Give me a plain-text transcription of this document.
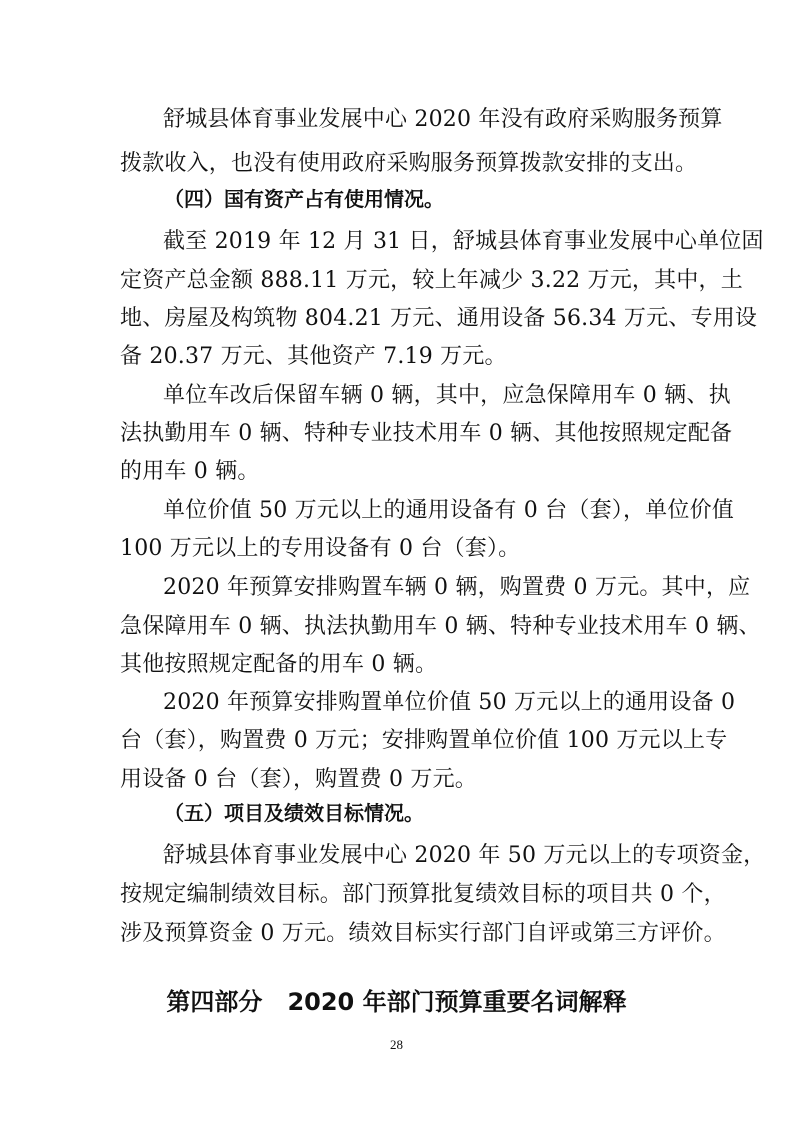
舒城县体育事业发展中心 2020 年没有政府采购服务预算
拨款收入，也没有使用政府采购服务预算拨款安排的支出。
（四）国有资产占有使用情况。
截至 2019 年 12 月 31 日，舒城县体育事业发展中心单位固
定资产总金额 888.11 万元，较上年减少 3.22 万元，其中，土
地、房屋及构筑物 804.21 万元、通用设备 56.34 万元、专用设
备 20.37 万元、其他资产 7.19 万元。
单位车改后保留车辆 0 辆，其中，应急保障用车 0 辆、执
法执勤用车 0 辆、特种专业技术用车 0 辆、其他按照规定配备
的用车 0 辆。
单位价值 50 万元以上的通用设备有 0 台（套），单位价值
100 万元以上的专用设备有 0 台（套）。
2020 年预算安排购置车辆 0 辆，购置费 0 万元。其中，应
急保障用车 0 辆、执法执勤用车 0 辆、特种专业技术用车 0 辆、
其他按照规定配备的用车 0 辆。
2020 年预算安排购置单位价值 50 万元以上的通用设备 0
台（套），购置费 0 万元；安排购置单位价值 100 万元以上专
用设备 0 台（套），购置费 0 万元。
（五）项目及绩效目标情况。
舒城县体育事业发展中心 2020 年 50 万元以上的专项资金，
按规定编制绩效目标。部门预算批复绩效目标的项目共 0 个，
涉及预算资金 0 万元。绩效目标实行部门自评或第三方评价。
第四部分   2020 年部门预算重要名词解释
28
